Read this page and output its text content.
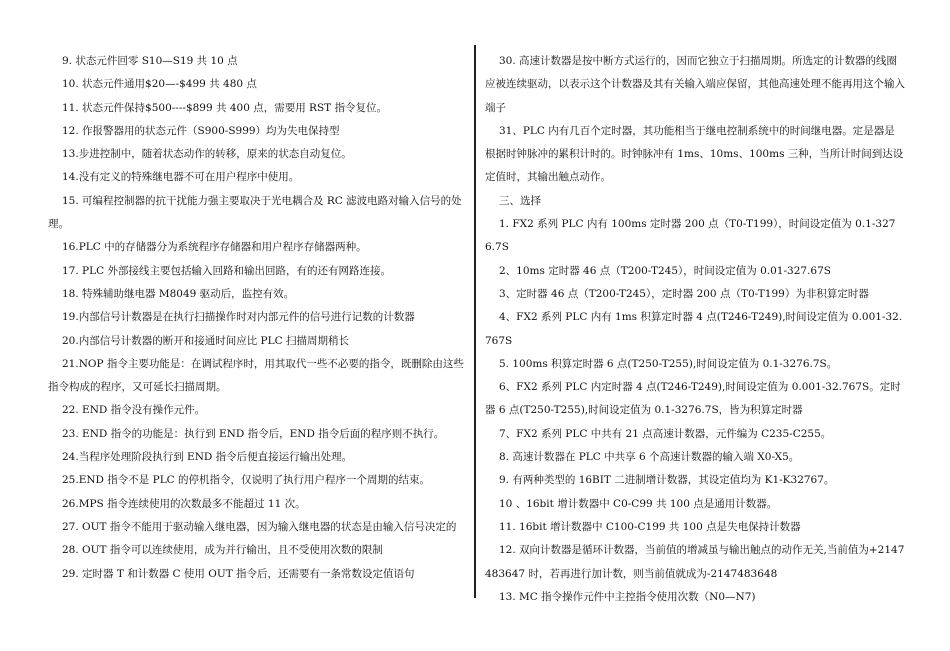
9. 状态元件回零 S10—S19 共 10 点

10. 状态元件通用$20—-$499 共 480 点

11. 状态元件保持$500----$899 共 400 点，需要用 RST 指令复位。

12. 作报警器用的状态元件（S900-S999）均为失电保持型

13.步进控制中，随着状态动作的转移，原来的状态自动复位。

14.没有定义的特殊继电器不可在用户程序中使用。

15. 可编程控制器的抗干扰能力强主要取决于光电耦合及 RC 滤波电路对输入信号的处理。

16.PLC 中的存储器分为系统程序存储器和用户程序存储器两种。

17. PLC 外部接线主要包括输入回路和输出回路，有的还有网路连接。

18. 特殊辅助继电器 M8049 驱动后，监控有效。

19.内部信号计数器是在执行扫描操作时对内部元件的信号进行记数的计数器

20.内部信号计数器的断开和接通时间应比 PLC 扫描周期稍长

21.NOP 指令主要功能是：在调试程序时，用其取代一些不必要的指令，既删除由这些指令构成的程序，又可延长扫描周期。

22. END 指令没有操作元件。

23. END 指令的功能是：执行到 END 指令后，END 指令后面的程序则不执行。

24.当程序处理阶段执行到 END 指令后便直接运行输出处理。

25.END 指令不是 PLC 的停机指令，仅说明了执行用户程序一个周期的结束。

26.MPS 指令连续使用的次数最多不能超过 11 次。

27. OUT 指令不能用于驱动输入继电器，因为输入继电器的状态是由输入信号决定的

28. OUT 指令可以连续使用，成为并行输出，且不受使用次数的限制

29. 定时器 T 和计数器 C 使用 OUT 指令后，还需要有一条常数设定值语句

30. 高速计数器是按中断方式运行的，因而它独立于扫描周期。所选定的计数器的线圈应被连续驱动，以表示这个计数器及其有关输入端应保留，其他高速处理不能再用这个输入端子

31、PLC 内有几百个定时器，其功能相当于继电控制系统中的时间继电器。定是器是根据时钟脉冲的累积计时的。时钟脉冲有 1ms、10ms、100ms 三种，当所计时间到达设定值时，其输出触点动作。

三、选择

1. FX2 系列 PLC 内有 100ms 定时器 200 点（T0-T199），时间设定值为 0.1-3276.7S

2、10ms 定时器 46 点（T200-T245），时间设定值为 0.01-327.67S

3、定时器 46 点（T200-T245），定时器 200 点（T0-T199）为非积算定时器

4、FX2 系列 PLC 内有 1ms 积算定时器 4 点(T246-T249),时间设定值为 0.001-32.767S

5. 100ms 积算定时器 6 点(T250-T255),时间设定值为 0.1-3276.7S。

6、FX2 系列 PLC 内定时器 4 点(T246-T249),时间设定值为 0.001-32.767S。定时器 6 点(T250-T255),时间设定值为 0.1-3276.7S，皆为积算定时器

7、FX2 系列 PLC 中共有 21 点高速计数器，元件编为 C235-C255。

8. 高速计数器在 PLC 中共享 6 个高速计数器的输入端 X0-X5。

9. 有两种类型的 16BIT 二进制增计数器，其设定值均为 K1-K32767。

10 、16bit 增计数器中 C0-C99 共 100 点是通用计数器。

11. 16bit 增计数器中 C100-C199 共 100 点是失电保持计数器

12. 双向计数器是循环计数器，当前值的增减虽与输出触点的动作无关,当前值为+2147483647 时，若再进行加计数，则当前值就成为-2147483648

13. MC 指令操作元件中主控指令使用次数（N0—N7)
